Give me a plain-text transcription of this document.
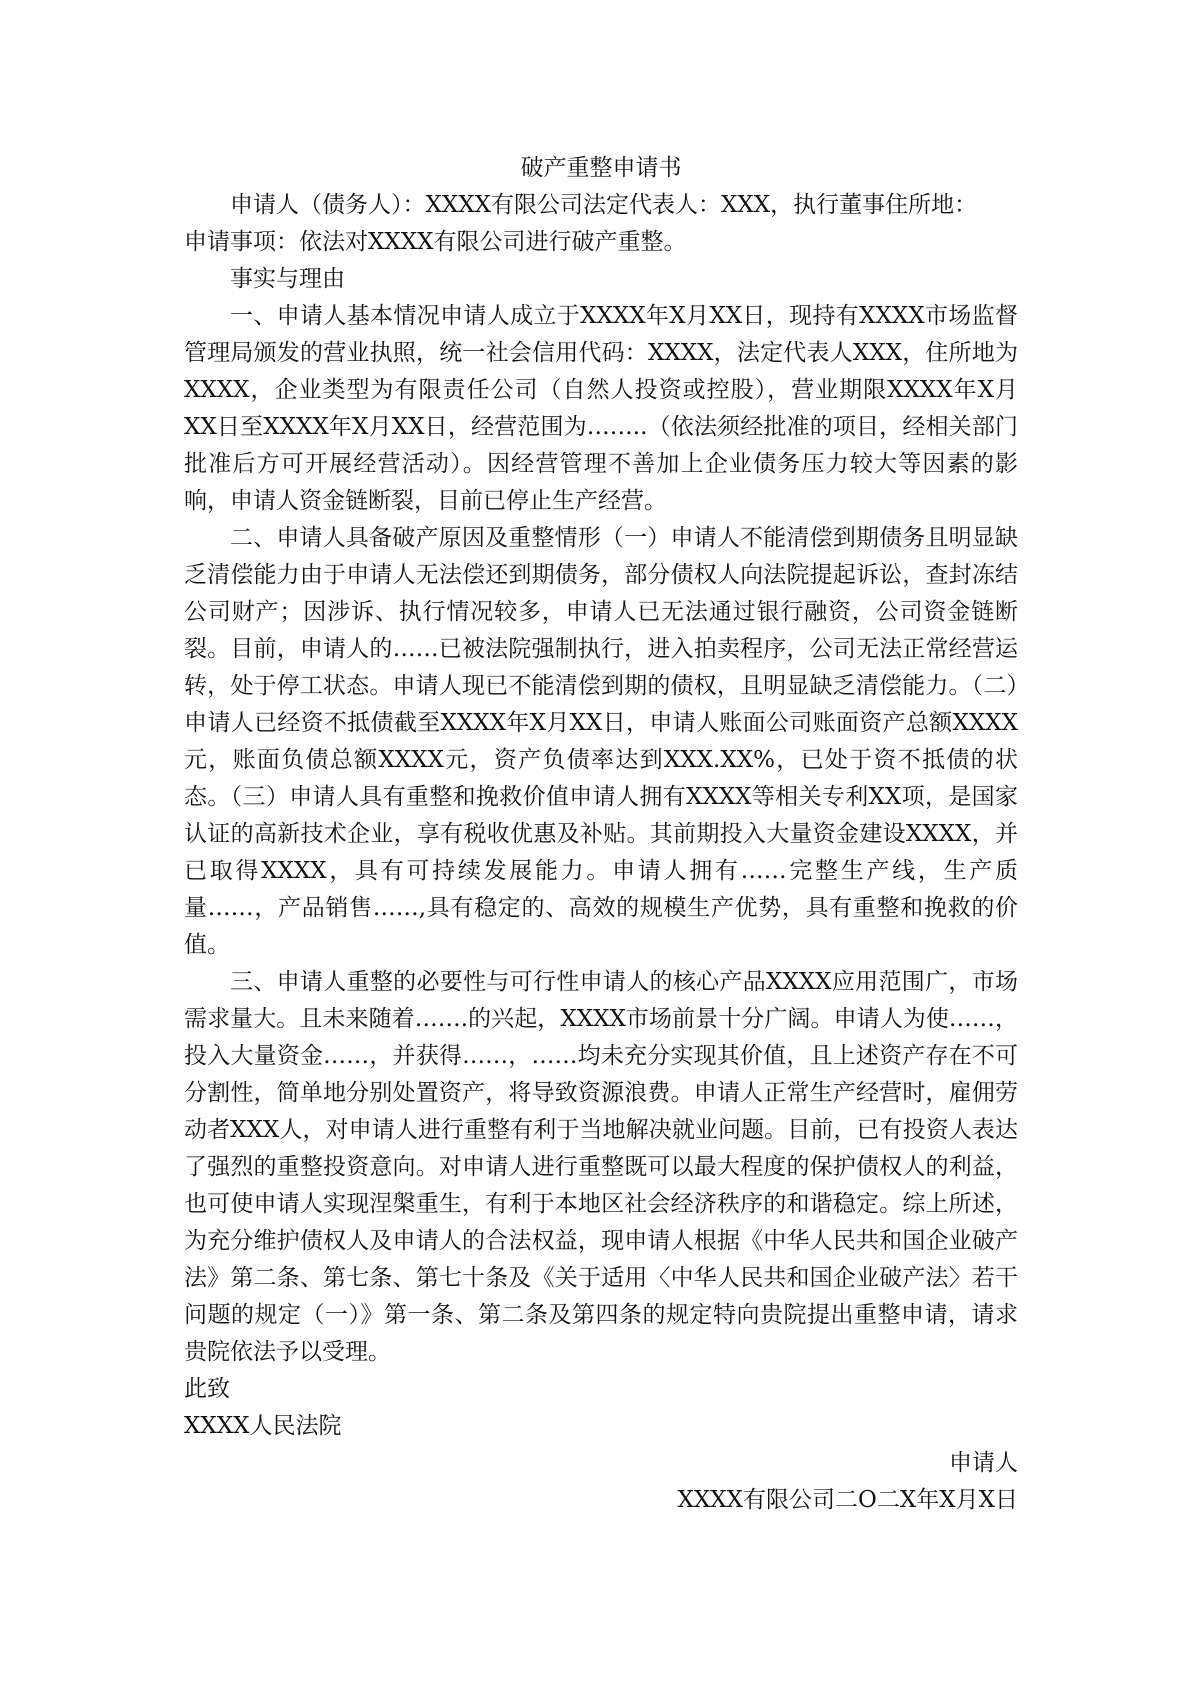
破产重整申请书

申请人（债务人）：XXXX有限公司法定代表人：XXX，执行董事住所地：

申请事项：依法对XXXX有限公司进行破产重整。

事实与理由

一、申请人基本情况申请人成立于XXXX年X月XX日，现持有XXXX市场监督管理局颁发的营业执照，统一社会信用代码：XXXX，法定代表人XXX，住所地为XXXX，企业类型为有限责任公司（自然人投资或控股），营业期限XXXX年X月XX日至XXXX年X月XX日，经营范围为……..（依法须经批准的项目，经相关部门批准后方可开展经营活动）。因经营管理不善加上企业债务压力较大等因素的影响，申请人资金链断裂，目前已停止生产经营。

二、申请人具备破产原因及重整情形（一）申请人不能清偿到期债务且明显缺乏清偿能力由于申请人无法偿还到期债务，部分债权人向法院提起诉讼，查封冻结公司财产；因涉诉、执行情况较多，申请人已无法通过银行融资，公司资金链断裂。目前，申请人的……已被法院强制执行，进入拍卖程序，公司无法正常经营运转，处于停工状态。申请人现已不能清偿到期的债权，且明显缺乏清偿能力。（二）申请人已经资不抵债截至XXXX年X月XX日，申请人账面公司账面资产总额XXXX元，账面负债总额XXXX元，资产负债率达到XXX.XX%，已处于资不抵债的状态。（三）申请人具有重整和挽救价值申请人拥有XXXX等相关专利XX项，是国家认证的高新技术企业，享有税收优惠及补贴。其前期投入大量资金建设XXXX，并已取得XXXX，具有可持续发展能力。申请人拥有……完整生产线，生产质量……，产品销售……,具有稳定的、高效的规模生产优势，具有重整和挽救的价值。

三、申请人重整的必要性与可行性申请人的核心产品XXXX应用范围广，市场需求量大。且未来随着…….的兴起，XXXX市场前景十分广阔。申请人为使……，投入大量资金……，并获得……，……均未充分实现其价值，且上述资产存在不可分割性，简单地分别处置资产，将导致资源浪费。申请人正常生产经营时，雇佣劳动者XXX人，对申请人进行重整有利于当地解决就业问题。目前，已有投资人表达了强烈的重整投资意向。对申请人进行重整既可以最大程度的保护债权人的利益，也可使申请人实现涅槃重生，有利于本地区社会经济秩序的和谐稳定。综上所述，为充分维护债权人及申请人的合法权益，现申请人根据《中华人民共和国企业破产法》第二条、第七条、第七十条及《关于适用〈中华人民共和国企业破产法〉若干问题的规定（一）》第一条、第二条及第四条的规定特向贵院提出重整申请，请求贵院依法予以受理。

此致

XXXX人民法院

申请人

XXXX有限公司二O二X年X月X日
